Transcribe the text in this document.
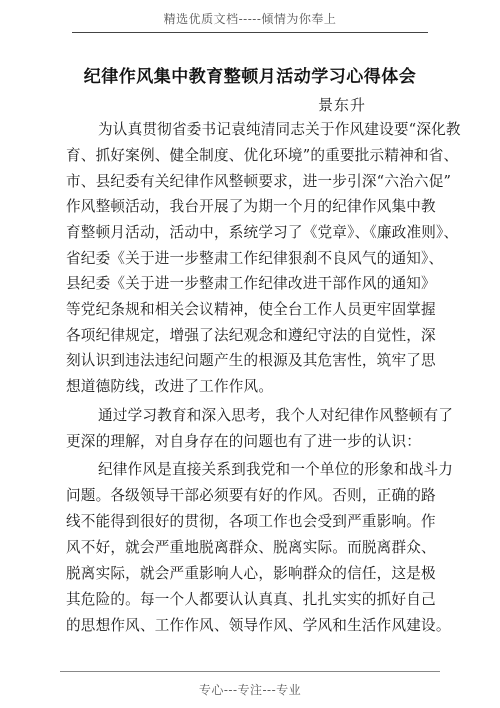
精选优质文档-----倾情为你奉上
纪律作风集中教育整顿月活动学习心得体会
景东升
为认真贯彻省委书记袁纯清同志关于作风建设要“深化教
育、抓好案例、健全制度、优化环境”的重要批示精神和省、
市、县纪委有关纪律作风整顿要求，进一步引深“六治六促”
作风整顿活动，我台开展了为期一个月的纪律作风集中教
育整顿月活动，活动中，系统学习了《党章》、《廉政准则》、
省纪委《关于进一步整肃工作纪律狠刹不良风气的通知》、
县纪委《关于进一步整肃工作纪律改进干部作风的通知》
等党纪条规和相关会议精神，使全台工作人员更牢固掌握
各项纪律规定，增强了法纪观念和遵纪守法的自觉性，深
刻认识到违法违纪问题产生的根源及其危害性，筑牢了思
想道德防线，改进了工作作风。
通过学习教育和深入思考，我个人对纪律作风整顿有了
更深的理解，对自身存在的问题也有了进一步的认识：
纪律作风是直接关系到我党和一个单位的形象和战斗力
问题。各级领导干部必须要有好的作风。否则，正确的路
线不能得到很好的贯彻，各项工作也会受到严重影响。作
风不好，就会严重地脱离群众、脱离实际。而脱离群众、
脱离实际，就会严重影响人心，影响群众的信任，这是极
其危险的。每一个人都要认认真真、扎扎实实的抓好自己
的思想作风、工作作风、领导作风、学风和生活作风建设。
专心---专注---专业
